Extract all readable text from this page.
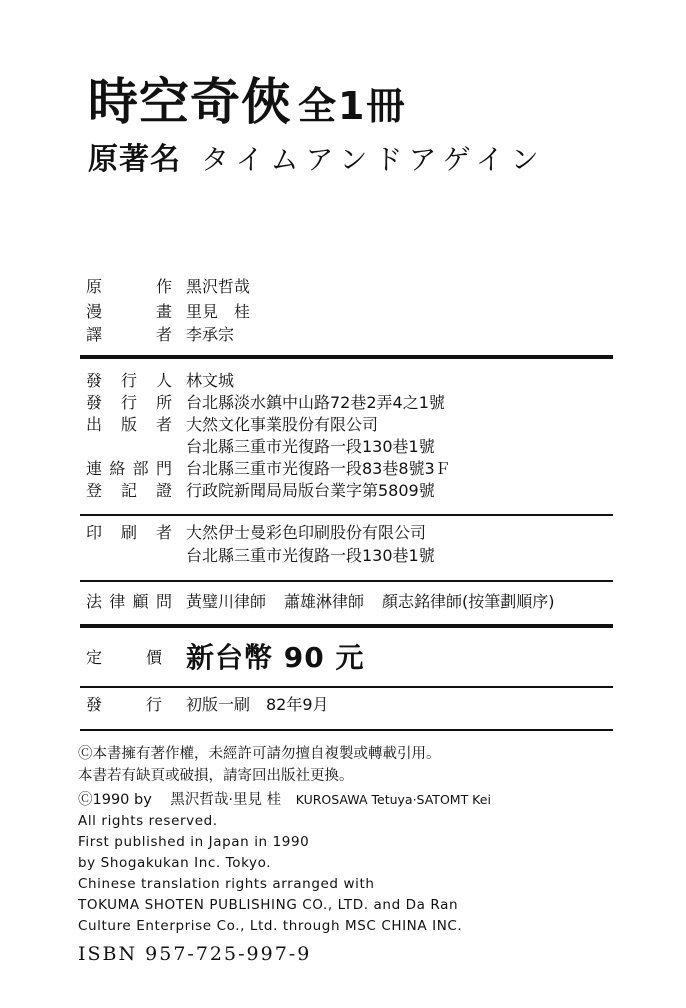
時空奇俠 全1冊
原著名 タイムアンドアゲイン
原	作 黑沢哲哉
漫	畫 里見　桂
譯	者 李承宗
發 行 人 林文城
發 行 所 台北縣淡水鎮中山路72巷2弄4之1號
出 版 者 大然文化事業股份有限公司
台北縣三重市光復路一段130巷1號
連 絡 部 門 台北縣三重市光復路一段83巷8號3Ｆ
登 記 證 行政院新聞局局版台業字第5809號
印 刷 者 大然伊士曼彩色印刷股份有限公司
台北縣三重市光復路一段130巷1號
法 律 顧 問 黃璧川律師 蕭雄淋律師 顏志銘律師(按筆劃順序)
定	價 新台幣 90 元
發	行 初版一刷　82年9月
Ⓒ本書擁有著作權，未經許可請勿擅自複製或轉載引用。
本書若有缺頁或破損，請寄回出版社更換。
Ⓒ1990 by 黑沢哲哉·里見 桂 KUROSAWA Tetuya·SATOMT Kei
All rights reserved.
First published in Japan in 1990
by Shogakukan Inc. Tokyo.
Chinese translation rights arranged with
TOKUMA SHOTEN PUBLISHING CO., LTD. and Da Ran
Culture Enterprise Co., Ltd. through MSC CHINA INC.
ISBN 957-725-997-9
